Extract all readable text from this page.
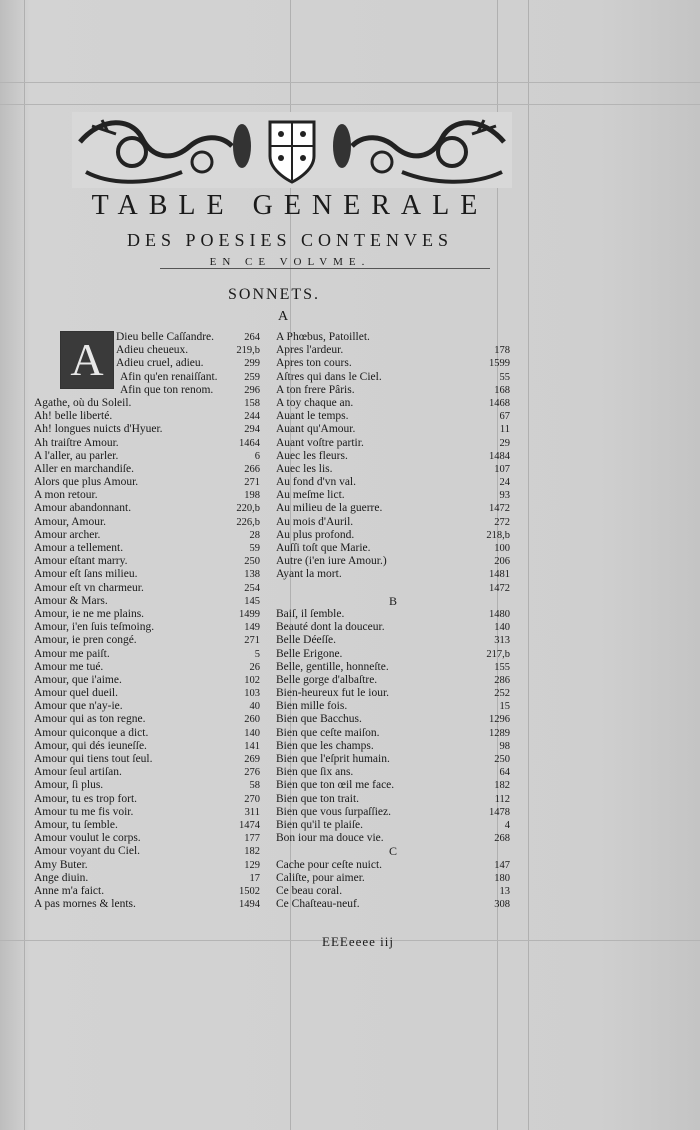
TABLE GENERALE
DES POESIES CONTENVES
EN CE VOLVME.
SONNETS.
A
Dieu belle Caſſandre.	264
Adieu cheueux.	219,b
Adieu cruel, adieu.	299
Afin qu'en renaiſſant.	259
Afin que ton renom.	296
Agathe, où du Soleil.	158
Ah! belle liberté.	244
Ah! longues nuicts d'Hyuer.	294
Ah traiſtre Amour.	1464
A l'aller, au parler.	6
Aller en marchandiſe.	266
Alors que plus Amour.	271
A mon retour.	198
Amour abandonnant.	220,b
Amour, Amour.	226,b
Amour archer.	28
Amour a tellement.	59
Amour eſtant marry.	250
Amour eſt ſans milieu.	138
Amour eſt vn charmeur.	254
Amour & Mars.	145
Amour, ie ne me plains.	1499
Amour, i'en ſuis teſmoing.	149
Amour, ie pren congé.	271
Amour me paiſt.	5
Amour me tué.	26
Amour, que i'aime.	102
Amour quel dueil.	103
Amour que n'ay-ie.	40
Amour qui as ton regne.	260
Amour quiconque a dict.	140
Amour, qui dés ieuneſſe.	141
Amour qui tiens tout ſeul.	269
Amour ſeul artiſan.	276
Amour, ſi plus.	58
Amour, tu es trop fort.	270
Amour tu me fis voir.	311
Amour, tu ſemble.	1474
Amour voulut le corps.	177
Amour voyant du Ciel.	182
Amy Buter.	129
Ange diuin.	17
Anne m'a faict.	1502
A pas mornes & lents.	1494
A Phœbus, Patoillet.
Apres l'ardeur.	178
Apres ton cours.	1599
Aſtres qui dans le Ciel.	55
A ton frere Pâris.	168
A toy chaque an.	1468
Auant le temps.	67
Auant qu'Amour.	11
Auant voſtre partir.	29
Auec les fleurs.	1484
Auec les lis.	107
Au fond d'vn val.	24
Au meſme lict.	93
Au milieu de la guerre.	1472
Au mois d'Auril.	272
Au plus profond.	218,b
Auſſi toſt que Marie.	100
Autre (i'en iure Amour.)	206
Ayant la mort.	1481
1472
B
Baiſ, il ſemble.	1480
Beauté dont la douceur.	140
Belle Déeſſe.	313
Belle Erigone.	217,b
Belle, gentille, honneſte.	155
Belle gorge d'albaſtre.	286
Bien-heureux fut le iour.	252
Bien mille fois.	15
Bien que Bacchus.	1296
Bien que ceſte maiſon.	1289
Bien que les champs.	98
Bien que l'eſprit humain.	250
Bien que ſix ans.	64
Bien que ton œil me face.	182
Bien que ton trait.	112
Bien que vous ſurpaſſiez.	1478
Bien qu'il te plaiſe.	4
Bon iour ma douce vie.	268
C
Cache pour ceſte nuict.	147
Caliſte, pour aimer.	180
Ce beau coral.	13
Ce Chaſteau-neuf.	308
A
EEEeeee iij
